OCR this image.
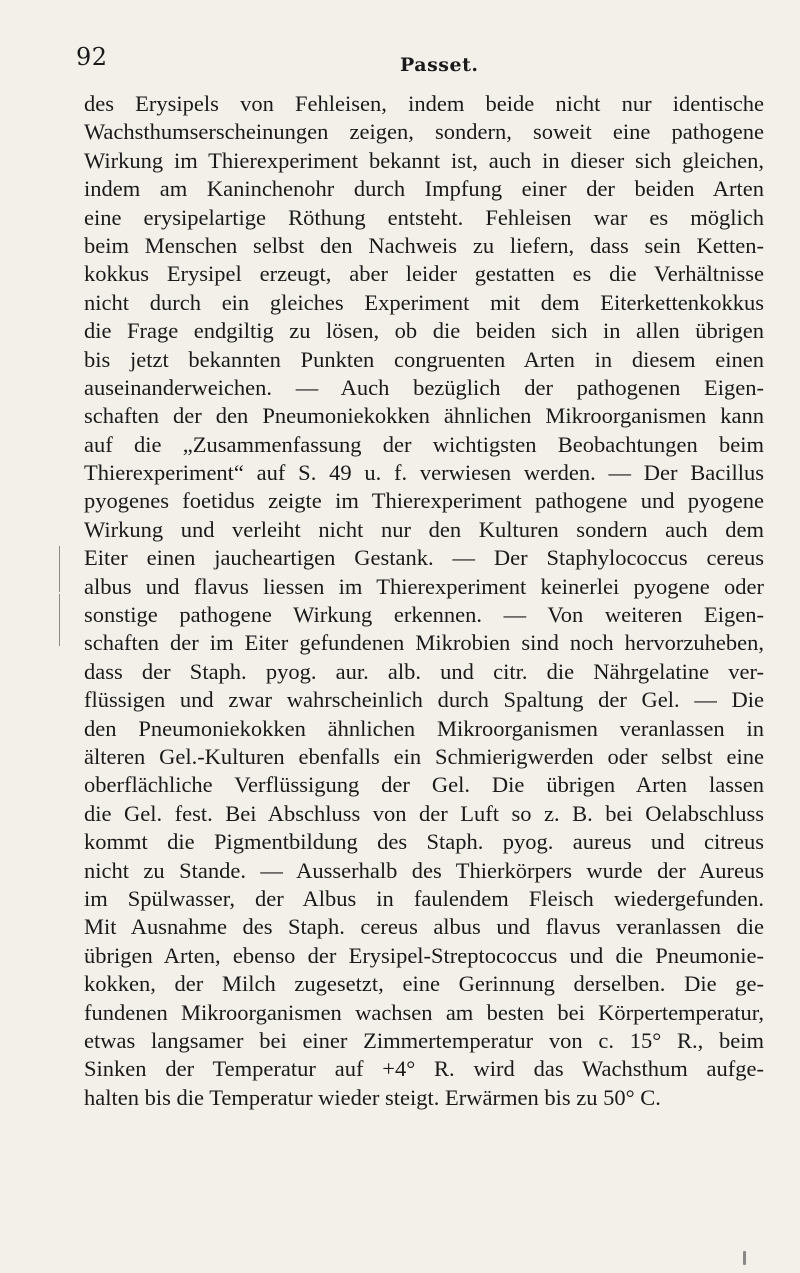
92	Passet.
des Erysipels von Fehleisen, indem beide nicht nur identische
Wachsthumserscheinungen zeigen, sondern, soweit eine pathogene
Wirkung im Thierexperiment bekannt ist, auch in dieser sich gleichen,
indem am Kaninchenohr durch Impfung einer der beiden Arten
eine erysipelartige Röthung entsteht. Fehleisen war es möglich
beim Menschen selbst den Nachweis zu liefern, dass sein Ketten-
kokkus Erysipel erzeugt, aber leider gestatten es die Verhältnisse
nicht durch ein gleiches Experiment mit dem Eiterkettenkokkus
die Frage endgiltig zu lösen, ob die beiden sich in allen übrigen
bis jetzt bekannten Punkten congruenten Arten in diesem einen
auseinanderweichen. — Auch bezüglich der pathogenen Eigen-
schaften der den Pneumoniekokken ähnlichen Mikroorganismen kann
auf die „Zusammenfassung der wichtigsten Beobachtungen beim
Thierexperiment“ auf S. 49 u. f. verwiesen werden. — Der Bacillus
pyogenes foetidus zeigte im Thierexperiment pathogene und pyogene
Wirkung und verleiht nicht nur den Kulturen sondern auch dem
Eiter einen jaucheartigen Gestank. — Der Staphylococcus cereus
albus und flavus liessen im Thierexperiment keinerlei pyogene oder
sonstige pathogene Wirkung erkennen. — Von weiteren Eigen-
schaften der im Eiter gefundenen Mikrobien sind noch hervorzuheben,
dass der Staph. pyog. aur. alb. und citr. die Nährgelatine ver-
flüssigen und zwar wahrscheinlich durch Spaltung der Gel. — Die
den Pneumoniekokken ähnlichen Mikroorganismen veranlassen in
älteren Gel.-Kulturen ebenfalls ein Schmierigwerden oder selbst eine
oberflächliche Verflüssigung der Gel. Die übrigen Arten lassen
die Gel. fest. Bei Abschluss von der Luft so z. B. bei Oelabschluss
kommt die Pigmentbildung des Staph. pyog. aureus und citreus
nicht zu Stande. — Ausserhalb des Thierkörpers wurde der Aureus
im Spülwasser, der Albus in faulendem Fleisch wiedergefunden.
Mit Ausnahme des Staph. cereus albus und flavus veranlassen die
übrigen Arten, ebenso der Erysipel-Streptococcus und die Pneumonie-
kokken, der Milch zugesetzt, eine Gerinnung derselben. Die ge-
fundenen Mikroorganismen wachsen am besten bei Körpertemperatur,
etwas langsamer bei einer Zimmertemperatur von c. 15° R., beim
Sinken der Temperatur auf +4° R. wird das Wachsthum aufge-
halten bis die Temperatur wieder steigt. Erwärmen bis zu 50° C.
